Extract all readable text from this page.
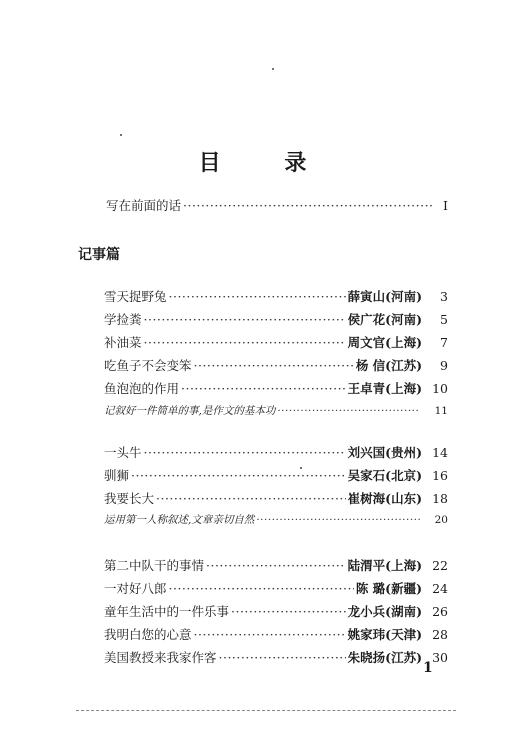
目 录
写在前面的话 ·····	I
记事篇
雪天捉野兔 ·····	薛寅山(河南)	3
学捡粪 ·····	侯广花(河南)	5
补油菜 ·····	周文官(上海)	7
吃鱼子不会变笨 ·····	杨 信(江苏)	9
鱼泡泡的作用 ·····	王卓青(上海) 10
记叙好一件简单的事,是作文的基本功 ·····	11
一头牛 ·····	刘兴国(贵州) 14
驯狮 ·····	吴家石(北京) 16
我要长大 ·····	崔树海(山东) 18
运用第一人称叙述,文章亲切自然 ·····	20
第二中队干的事情 ·····	陆渭平(上海) 22
一对好八郎 ·····	陈 璐(新疆) 24
童年生活中的一件乐事 ·····	龙小兵(湖南) 26
我明白您的心意 ·····	姚家玮(天津) 28
美国教授来我家作客 ·····	朱晓扬(江苏) 30
1
